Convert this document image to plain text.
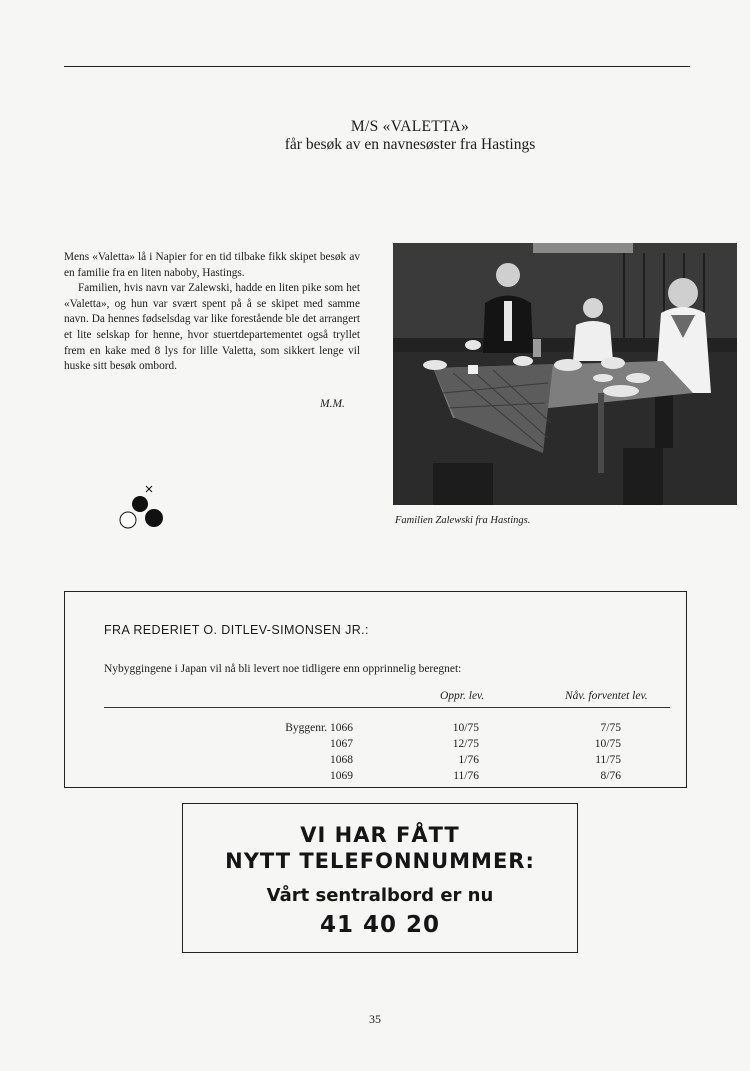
M/S «VALETTA»
får besøk av en navnesøster fra Hastings

Mens «Valetta» lå i Napier for en tid tilbake fikk skipet besøk av en familie fra en liten naboby, Hastings.

Familien, hvis navn var Zalewski, hadde en liten pike som het «Valetta», og hun var svært spent på å se skipet med samme navn. Da hennes fødselsdag var like forestående ble det arrangert et lite selskap for henne, hvor stuertdepartementet også tryllet frem en kake med 8 lys for lille Valetta, som sikkert lenge vil huske sitt besøk ombord.

M.M.
Familien Zalewski fra Hastings.
FRA REDERIET O. DITLEV-SIMONSEN JR.:
Nybyggingene i Japan vil nå bli levert noe tidligere enn opprinnelig beregnet:
Oppr. lev.	Nåv. forventet lev.
Byggenr. 1066	10/75	7/75
1067	12/75	10/75
1068	1/76	11/75
1069	11/76	8/76
VI HAR FÅTT
NYTT TELEFONNUMMER:
Vårt sentralbord er nu
41 40 20
35
